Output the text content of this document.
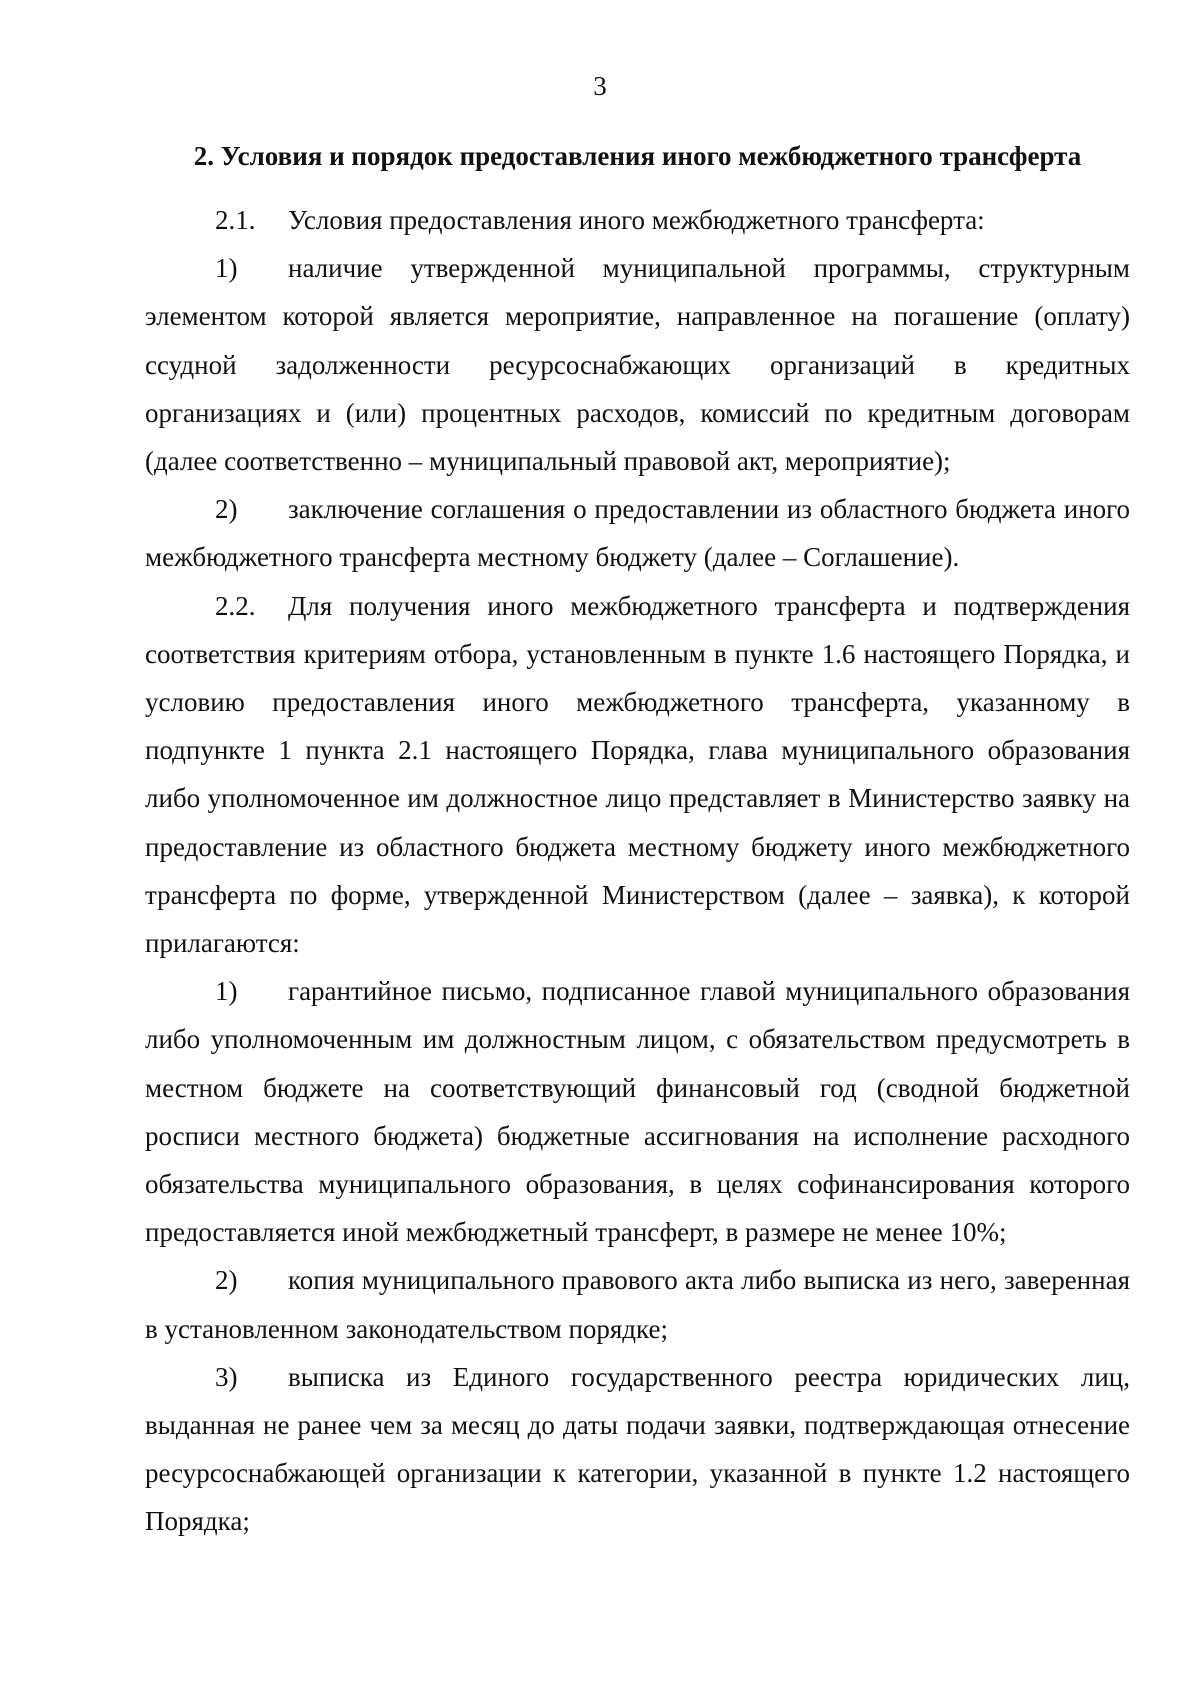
3
2. Условия и порядок предоставления иного межбюджетного трансферта

2.1. Условия предоставления иного межбюджетного трансферта:

1) наличие утвержденной муниципальной программы, структурным элементом которой является мероприятие, направленное на погашение (оплату) ссудной задолженности ресурсоснабжающих организаций в кредитных организациях и (или) процентных расходов, комиссий по кредитным договорам (далее соответственно – муниципальный правовой акт, мероприятие);

2) заключение соглашения о предоставлении из областного бюджета иного межбюджетного трансферта местному бюджету (далее – Соглашение).

2.2. Для получения иного межбюджетного трансферта и подтверждения соответствия критериям отбора, установленным в пункте 1.6 настоящего Порядка, и условию предоставления иного межбюджетного трансферта, указанному в подпункте 1 пункта 2.1 настоящего Порядка, глава муниципального образования либо уполномоченное им должностное лицо представляет в Министерство заявку на предоставление из областного бюджета местному бюджету иного межбюджетного трансферта по форме, утвержденной Министерством (далее – заявка), к которой прилагаются:

1) гарантийное письмо, подписанное главой муниципального образования либо уполномоченным им должностным лицом, с обязательством предусмотреть в местном бюджете на соответствующий финансовый год (сводной бюджетной росписи местного бюджета) бюджетные ассигнования на исполнение расходного обязательства муниципального образования, в целях софинансирования которого предоставляется иной межбюджетный трансферт, в размере не менее 10%;

2) копия муниципального правового акта либо выписка из него, заверенная в установленном законодательством порядке;

3) выписка из Единого государственного реестра юридических лиц, выданная не ранее чем за месяц до даты подачи заявки, подтверждающая отнесение ресурсоснабжающей организации к категории, указанной в пункте 1.2 настоящего Порядка;
